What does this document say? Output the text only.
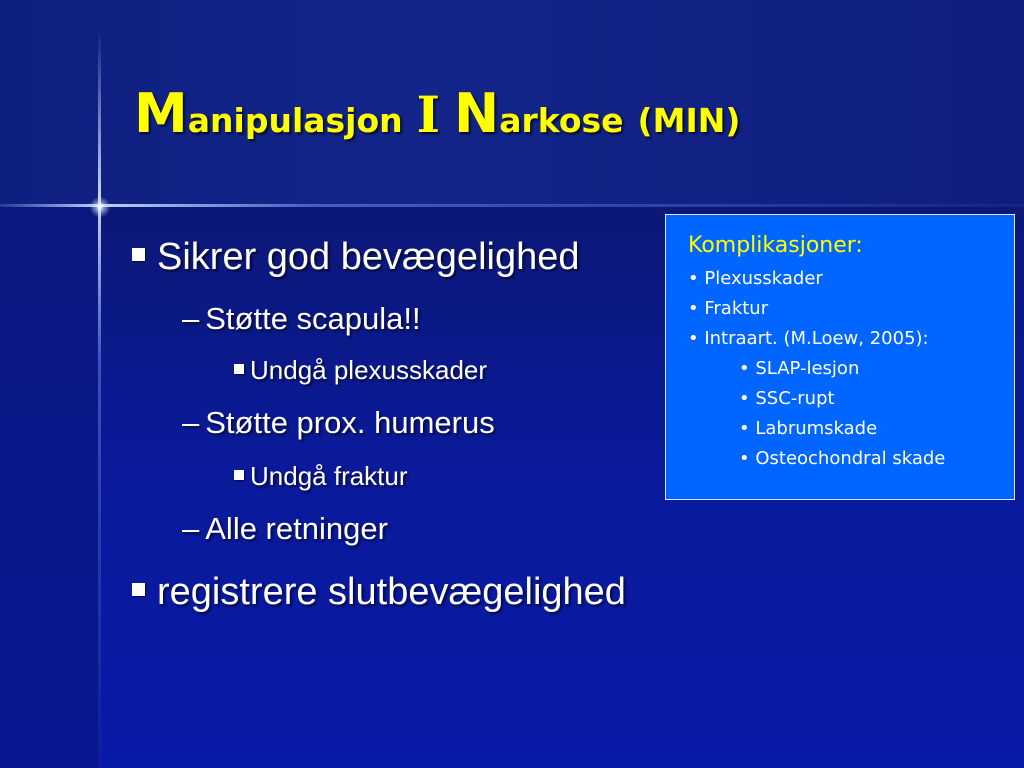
Manipulasjon I Narkose (MIN)
Sikrer god bevægelighed
– Støtte scapula!!
Undgå plexusskader
– Støtte prox. humerus
Undgå fraktur
– Alle retninger
registrere slutbevægelighed
Komplikasjoner:
• Plexusskader
• Fraktur
• Intraart. (M.Loew, 2005):
• SLAP-lesjon
• SSC-rupt
• Labrumskade
• Osteochondral skade
